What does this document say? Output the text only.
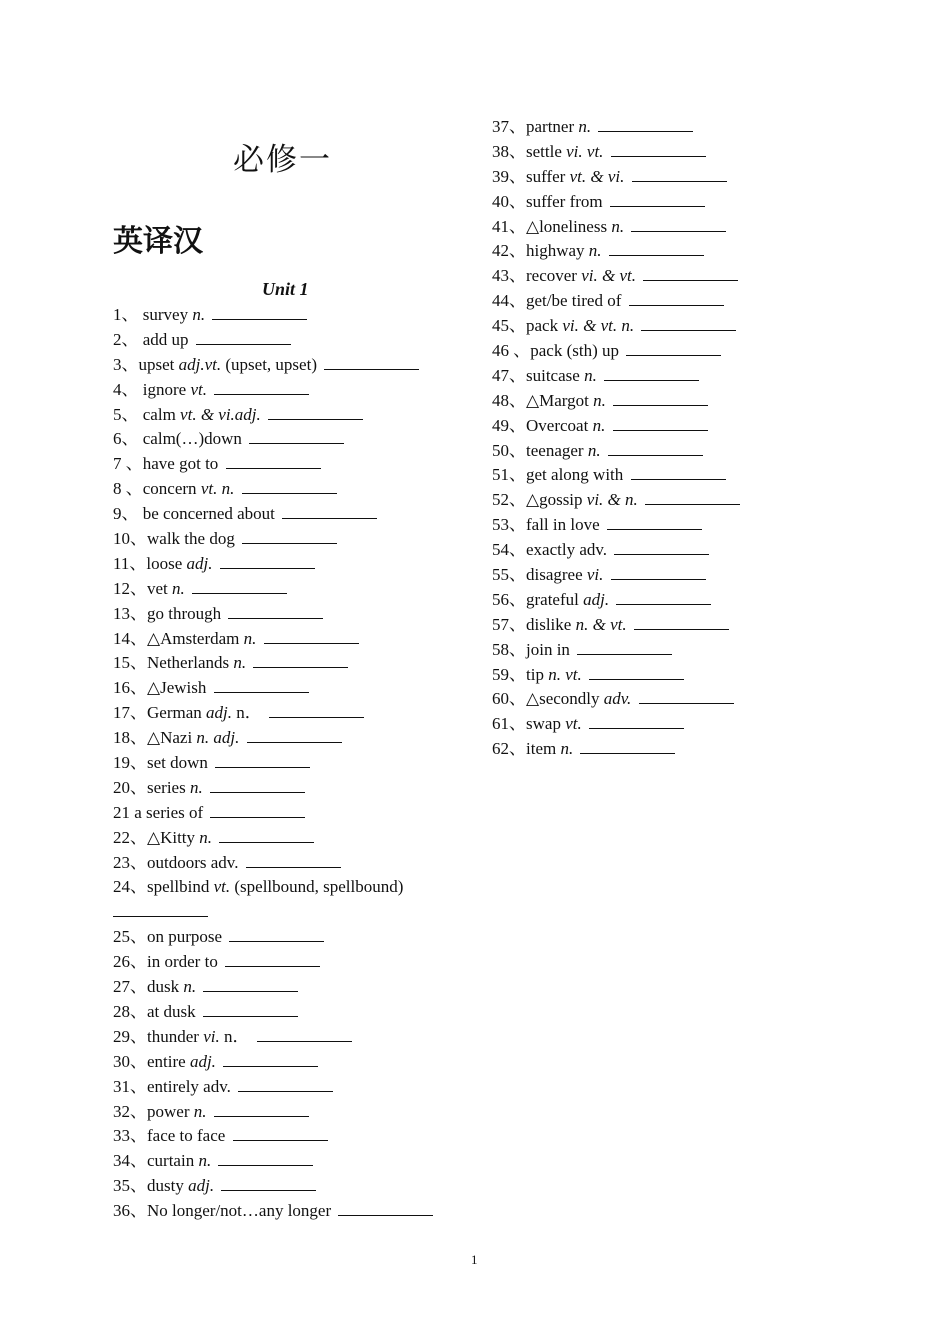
必修一
英译汉
Unit 1
1、 survey n.
2、 add up
3、upset adj.vt. (upset, upset)
4、 ignore vt.
5、 calm vt. & vi.adj.
6、 calm(…)down
7 、have got to
8 、concern vt. n.
9、 be concerned about
10、walk the dog
11、loose adj.
12、vet n.
13、go through
14、△Amsterdam n.
15、Netherlands n.
16、△Jewish
17、German adj. n．
18、△Nazi n. adj.
19、set down
20、series n.
21 a series of
22、△Kitty n.
23、outdoors adv.
24、spellbind vt. (spellbound, spellbound)
25、on purpose
26、in order to
27、dusk n.
28、at dusk
29、thunder vi. n．
30、entire adj.
31、entirely adv.
32、power n.
33、face to face
34、curtain n.
35、dusty adj.
36、No longer/not…any longer
37、partner n.
38、settle vi. vt.
39、suffer vt. & vi.
40、suffer from
41、△loneliness n.
42、highway n.
43、recover vi. & vt.
44、get/be tired of
45、pack vi. & vt. n.
46 、pack (sth) up
47、suitcase n.
48、△Margot n.
49、Overcoat n.
50、teenager n.
51、get along with
52、△gossip vi. & n.
53、fall in love
54、exactly adv.
55、disagree vi.
56、grateful adj.
57、dislike n. & vt.
58、join in
59、tip n. vt.
60、△secondly adv.
61、swap vt.
62、item n.
1
